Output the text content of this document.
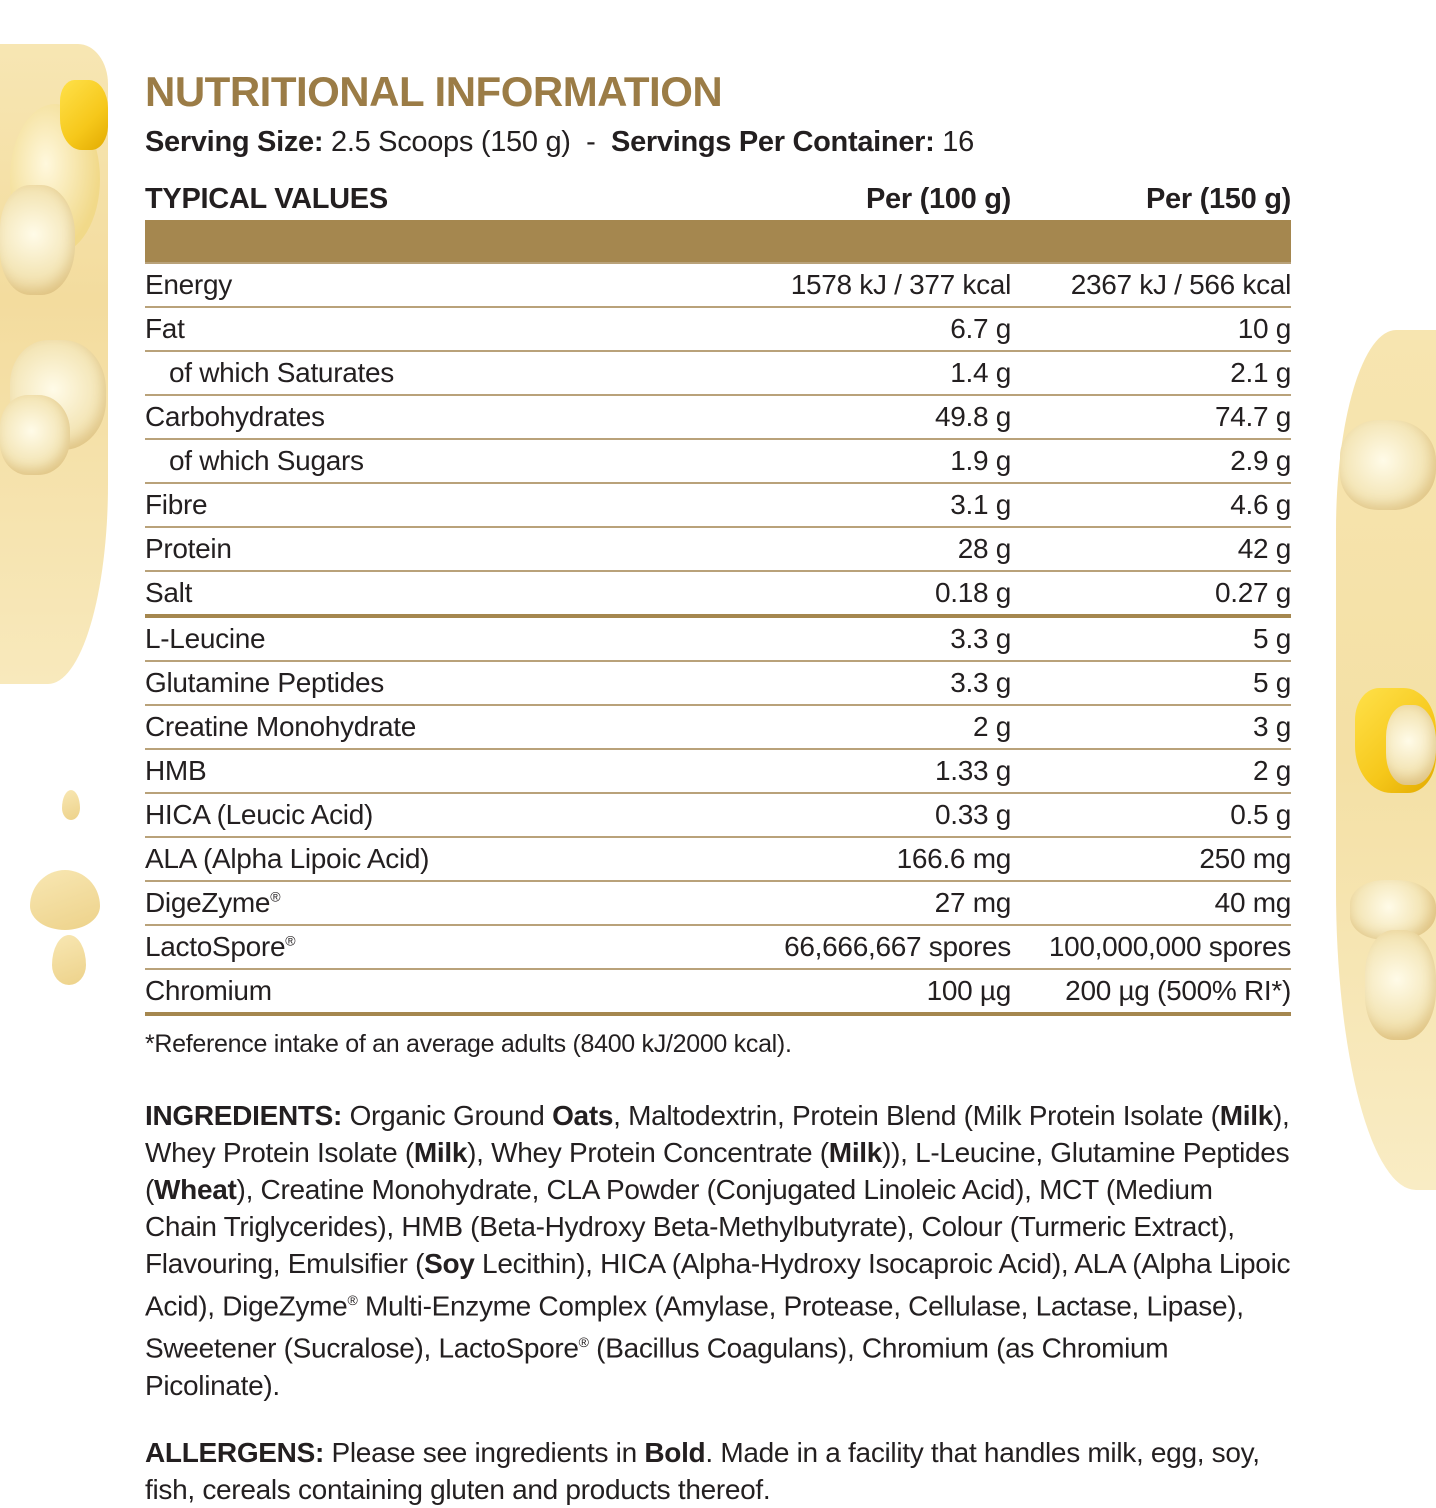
NUTRITIONAL INFORMATION
Serving Size: 2.5 Scoops (150 g) - Servings Per Container: 16
TYPICAL VALUES	Per (100 g)	Per (150 g)

Energy	1578 kJ / 377 kcal	2367 kJ / 566 kcal
Fat	6.7 g	10 g
of which Saturates	1.4 g	2.1 g
Carbohydrates	49.8 g	74.7 g
of which Sugars	1.9 g	2.9 g
Fibre	3.1 g	4.6 g
Protein	28 g	42 g
Salt	0.18 g	0.27 g
L-Leucine	3.3 g	5 g
Glutamine Peptides	3.3 g	5 g
Creatine Monohydrate	2 g	3 g
HMB	1.33 g	2 g
HICA (Leucic Acid)	0.33 g	0.5 g
ALA (Alpha Lipoic Acid)	166.6 mg	250 mg
DigeZyme®	27 mg	40 mg
LactoSpore®	66,666,667 spores	100,000,000 spores
Chromium	100 µg	200 µg (500% RI*)
*Reference intake of an average adults (8400 kJ/2000 kcal).
INGREDIENTS: Organic Ground Oats, Maltodextrin, Protein Blend (Milk Protein Isolate (Milk), Whey Protein Isolate (Milk), Whey Protein Concentrate (Milk)), L-Leucine, Glutamine Peptides (Wheat), Creatine Monohydrate, CLA Powder (Conjugated Linoleic Acid), MCT (Medium Chain Triglycerides), HMB (Beta-Hydroxy Beta-Methylbutyrate), Colour (Turmeric Extract), Flavouring, Emulsifier (Soy Lecithin), HICA (Alpha-Hydroxy Isocaproic Acid), ALA (Alpha Lipoic Acid), DigeZyme® Multi-Enzyme Complex (Amylase, Protease, Cellulase, Lactase, Lipase), Sweetener (Sucralose), LactoSpore® (Bacillus Coagulans), Chromium (as Chromium Picolinate).
ALLERGENS: Please see ingredients in Bold. Made in a facility that handles milk, egg, soy, fish, cereals containing gluten and products thereof.
